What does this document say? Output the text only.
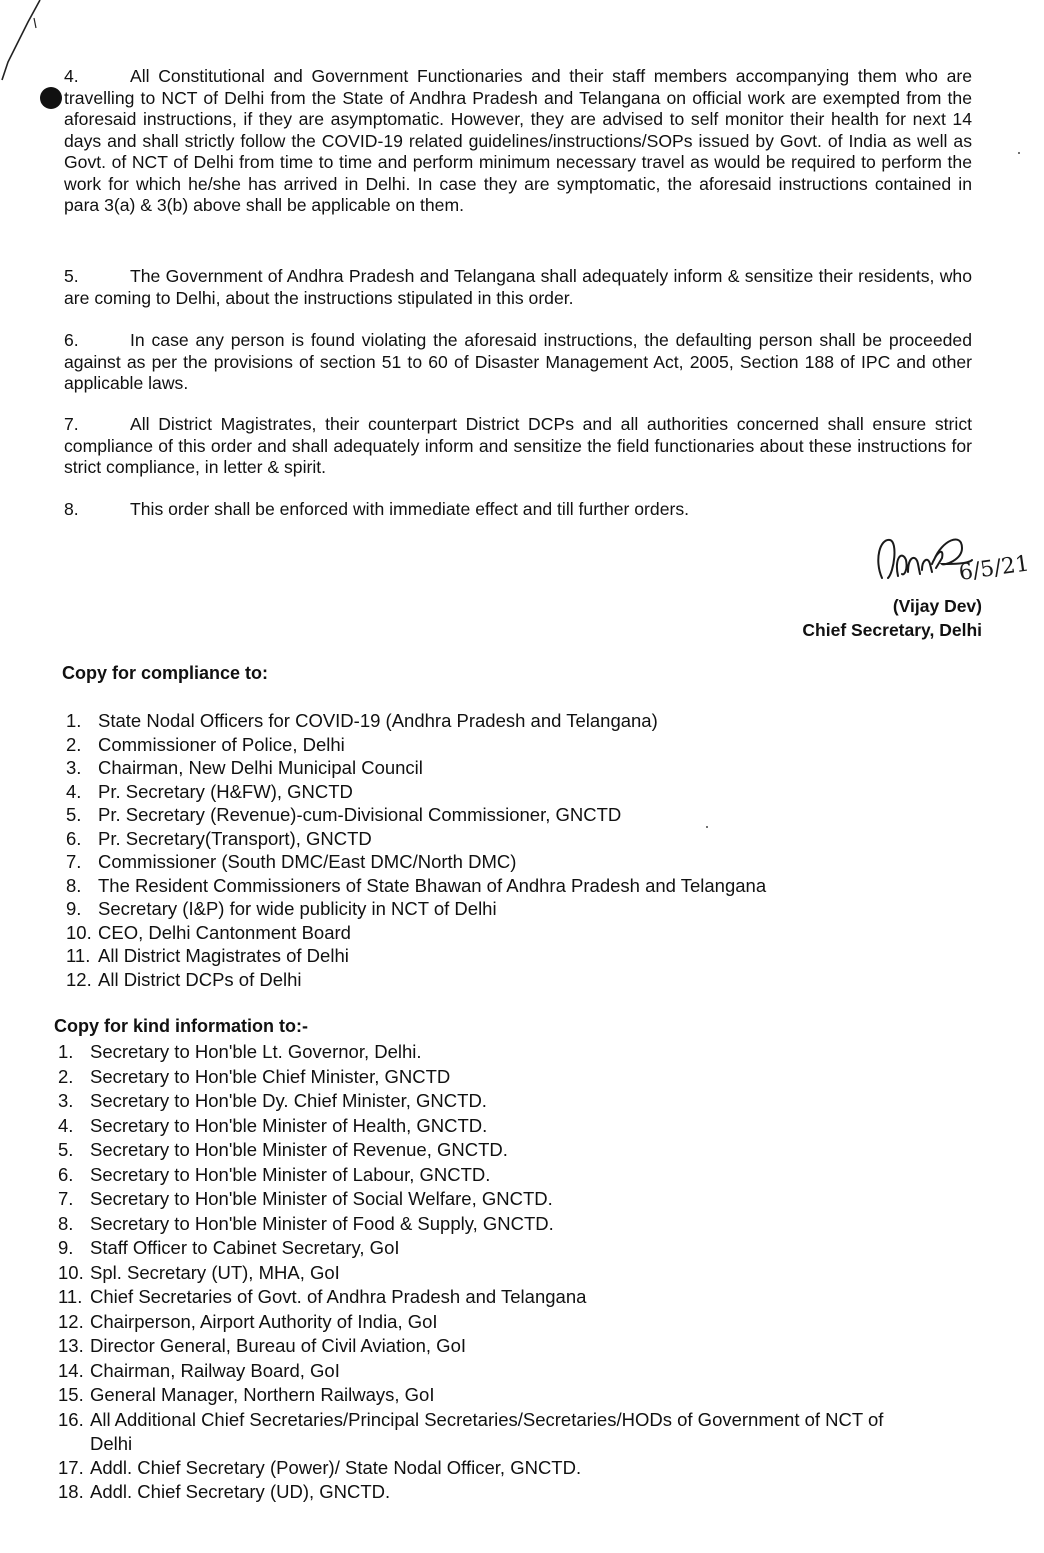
4.	All Constitutional and Government Functionaries and their staff members accompanying them who are travelling to NCT of Delhi from the State of Andhra Pradesh and Telangana on official work are exempted from the aforesaid instructions, if they are asymptomatic. However, they are advised to self monitor their health for next 14 days and shall strictly follow the COVID-19 related guidelines/instructions/SOPs issued by Govt. of India as well as Govt. of NCT of Delhi from time to time and perform minimum necessary travel as would be required to perform the work for which he/she has arrived in Delhi. In case they are symptomatic, the aforesaid instructions contained in para 3(a) & 3(b) above shall be applicable on them.

5.	The Government of Andhra Pradesh and Telangana shall adequately inform & sensitize their residents, who are coming to Delhi, about the instructions stipulated in this order.

6.	In case any person is found violating the aforesaid instructions, the defaulting person shall be proceeded against as per the provisions of section 51 to 60 of Disaster Management Act, 2005, Section 188 of IPC and other applicable laws.

7.	All District Magistrates, their counterpart District DCPs and all authorities concerned shall ensure strict compliance of this order and shall adequately inform and sensitize the field functionaries about these instructions for strict compliance, in letter & spirit.

8.	This order shall be enforced with immediate effect and till further orders.

6/5/21
(Vijay Dev)
Chief Secretary, Delhi

Copy for compliance to:

1. State Nodal Officers for COVID-19 (Andhra Pradesh and Telangana)
2. Commissioner of Police, Delhi
3. Chairman, New Delhi Municipal Council
4. Pr. Secretary (H&FW), GNCTD
5. Pr. Secretary (Revenue)-cum-Divisional Commissioner, GNCTD
6. Pr. Secretary(Transport), GNCTD
7. Commissioner (South DMC/East DMC/North DMC)
8. The Resident Commissioners of State Bhawan of Andhra Pradesh and Telangana
9. Secretary (I&P) for wide publicity in NCT of Delhi
10. CEO, Delhi Cantonment Board
11. All District Magistrates of Delhi
12. All District DCPs of Delhi

Copy for kind information to:-

1. Secretary to Hon'ble Lt. Governor, Delhi.
2. Secretary to Hon'ble Chief Minister, GNCTD
3. Secretary to Hon'ble Dy. Chief Minister, GNCTD.
4. Secretary to Hon'ble Minister of Health, GNCTD.
5. Secretary to Hon'ble Minister of Revenue, GNCTD.
6. Secretary to Hon'ble Minister of Labour, GNCTD.
7. Secretary to Hon'ble Minister of Social Welfare, GNCTD.
8. Secretary to Hon'ble Minister of Food & Supply, GNCTD.
9. Staff Officer to Cabinet Secretary, GoI
10. Spl. Secretary (UT), MHA, GoI
11. Chief Secretaries of Govt. of Andhra Pradesh and Telangana
12. Chairperson, Airport Authority of India, GoI
13. Director General, Bureau of Civil Aviation, GoI
14. Chairman, Railway Board, GoI
15. General Manager, Northern Railways, GoI
16. All Additional Chief Secretaries/Principal Secretaries/Secretaries/HODs of Government of NCT of
Delhi
17. Addl. Chief Secretary (Power)/ State Nodal Officer, GNCTD.
18. Addl. Chief Secretary (UD), GNCTD.
